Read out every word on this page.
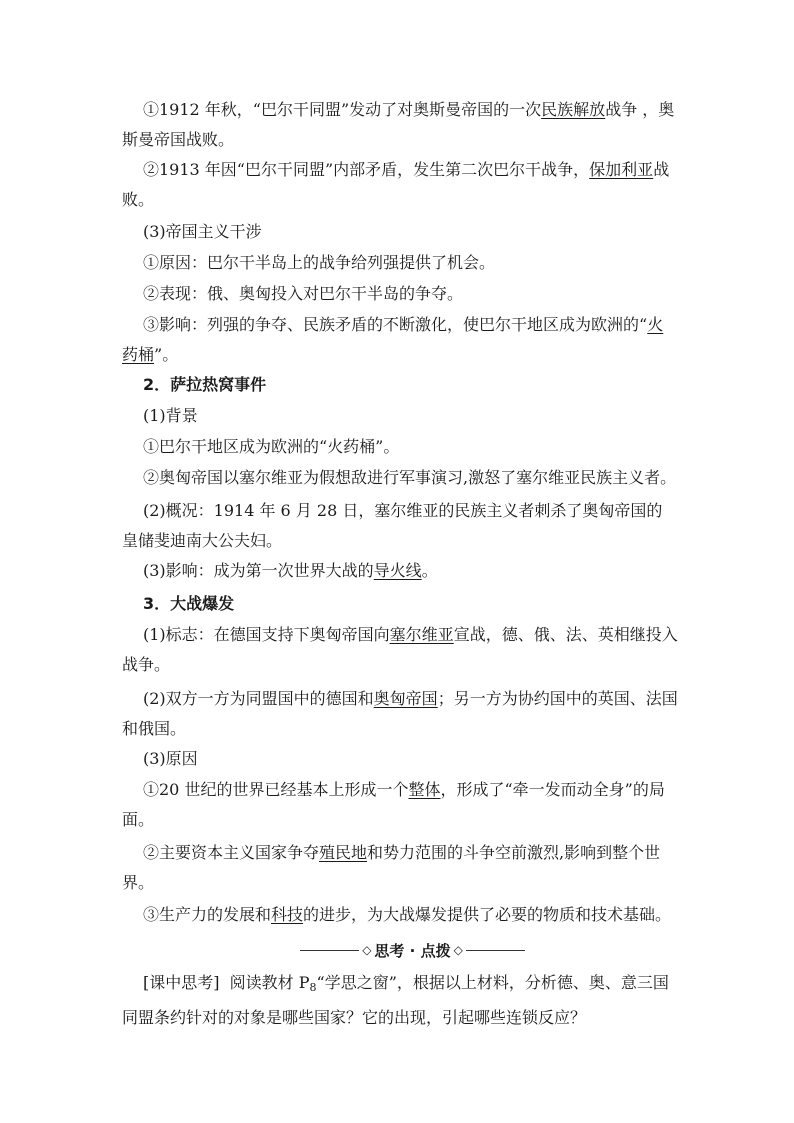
①1912 年秋，“巴尔干同盟”发动了对奥斯曼帝国的一次民族解放战争 ，奥斯曼帝国战败。

②1913 年因“巴尔干同盟”内部矛盾，发生第二次巴尔干战争，保加利亚战败。

(3)帝国主义干涉

①原因：巴尔干半岛上的战争给列强提供了机会。

②表现：俄、奥匈投入对巴尔干半岛的争夺。

③影响：列强的争夺、民族矛盾的不断激化，使巴尔干地区成为欧洲的“火药桶”。

2．萨拉热窝事件

(1)背景

①巴尔干地区成为欧洲的“火药桶”。

②奥匈帝国以塞尔维亚为假想敌进行军事演习,激怒了塞尔维亚民族主义者。

(2)概况：1914 年 6 月 28 日，塞尔维亚的民族主义者刺杀了奥匈帝国的皇储斐迪南大公夫妇。

(3)影响：成为第一次世界大战的导火线。

3．大战爆发

(1)标志：在德国支持下奥匈帝国向塞尔维亚宣战，德、俄、法、英相继投入战争。

(2)双方一方为同盟国中的德国和奥匈帝国；另一方为协约国中的英国、法国和俄国。

(3)原因

①20 世纪的世界已经基本上形成一个整体，形成了“牵一发而动全身”的局面。

②主要资本主义国家争夺殖民地和势力范围的斗争空前激烈,影响到整个世界。

③生产力的发展和科技的进步，为大战爆发提供了必要的物质和技术基础。

◇ 思考 · 点拨 ◇

[课中思考] 阅读教材 $P_8“$学思之窗”，根据以上材料，分析德、奥、意三国同盟条约针对的对象是哪些国家？它的出现，引起哪些连锁反应？
